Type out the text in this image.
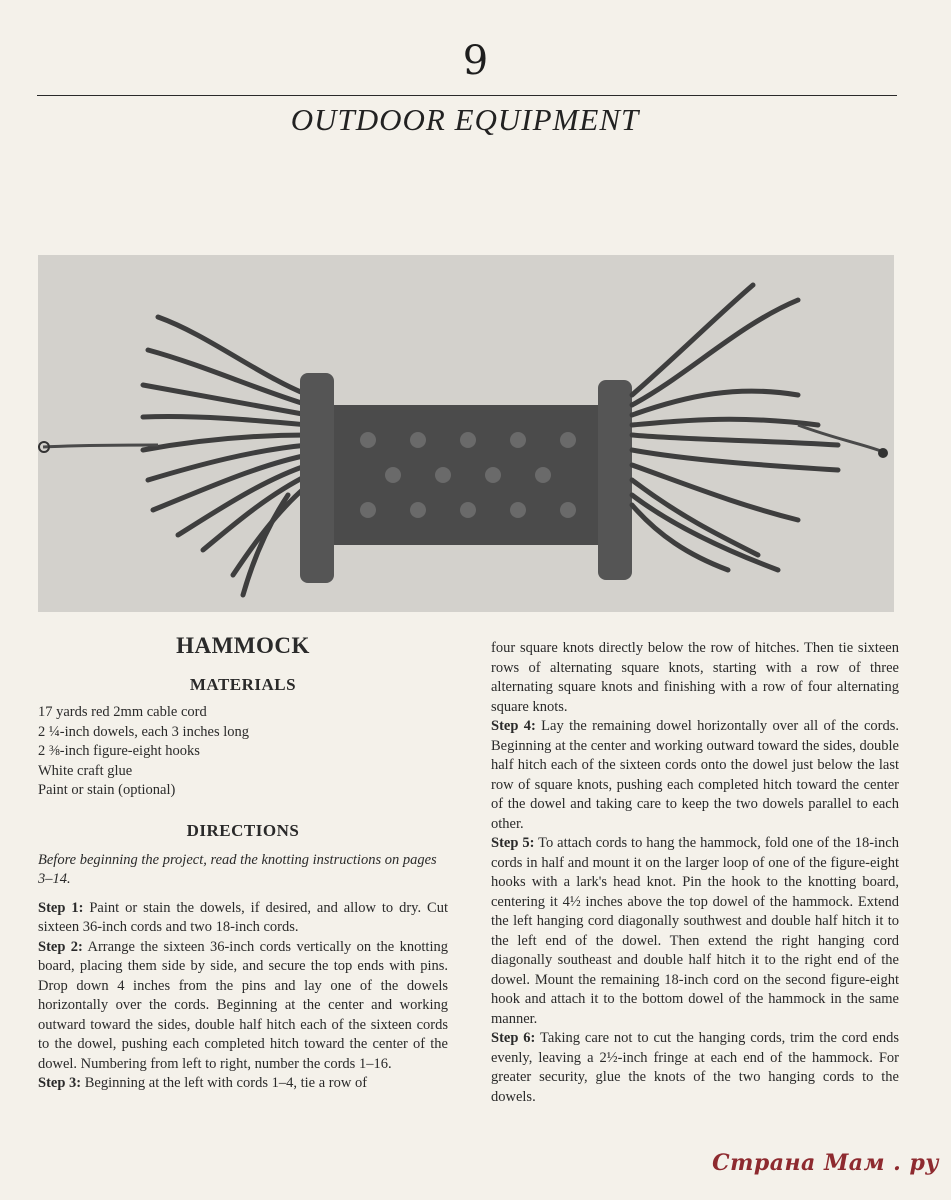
9
OUTDOOR EQUIPMENT
HAMMOCK
MATERIALS
17 yards red 2mm cable cord
2 ¼-inch dowels, each 3 inches long
2 ⅜-inch figure-eight hooks
White craft glue
Paint or stain (optional)
DIRECTIONS

Before beginning the project, read the knotting instructions on pages 3–14.

Step 1: Paint or stain the dowels, if desired, and allow to dry. Cut sixteen 36-inch cords and two 18-inch cords.

Step 2: Arrange the sixteen 36-inch cords vertically on the knotting board, placing them side by side, and secure the top ends with pins. Drop down 4 inches from the pins and lay one of the dowels horizontally over the cords. Beginning at the center and working outward toward the sides, double half hitch each of the sixteen cords to the dowel, pushing each completed hitch toward the center of the dowel. Numbering from left to right, number the cords 1–16.

Step 3: Beginning at the left with cords 1–4, tie a row of

four square knots directly below the row of hitches. Then tie sixteen rows of alternating square knots, starting with a row of three alternating square knots and finishing with a row of four alternating square knots.

Step 4: Lay the remaining dowel horizontally over all of the cords. Beginning at the center and working outward toward the sides, double half hitch each of the sixteen cords onto the dowel just below the last row of square knots, pushing each completed hitch toward the center of the dowel and taking care to keep the two dowels parallel to each other.

Step 5: To attach cords to hang the hammock, fold one of the 18-inch cords in half and mount it on the larger loop of one of the figure-eight hooks with a lark's head knot. Pin the hook to the knotting board, centering it 4½ inches above the top dowel of the hammock. Extend the left hanging cord diagonally southwest and double half hitch it to the left end of the dowel. Then extend the right hanging cord diagonally southeast and double half hitch it to the right end of the dowel. Mount the remaining 18-inch cord on the second figure-eight hook and attach it to the bottom dowel of the hammock in the same manner.

Step 6: Taking care not to cut the hanging cords, trim the cord ends evenly, leaving a 2½-inch fringe at each end of the hammock. For greater security, glue the knots of the two hanging cords to the dowels.

Страна Мам . ру
